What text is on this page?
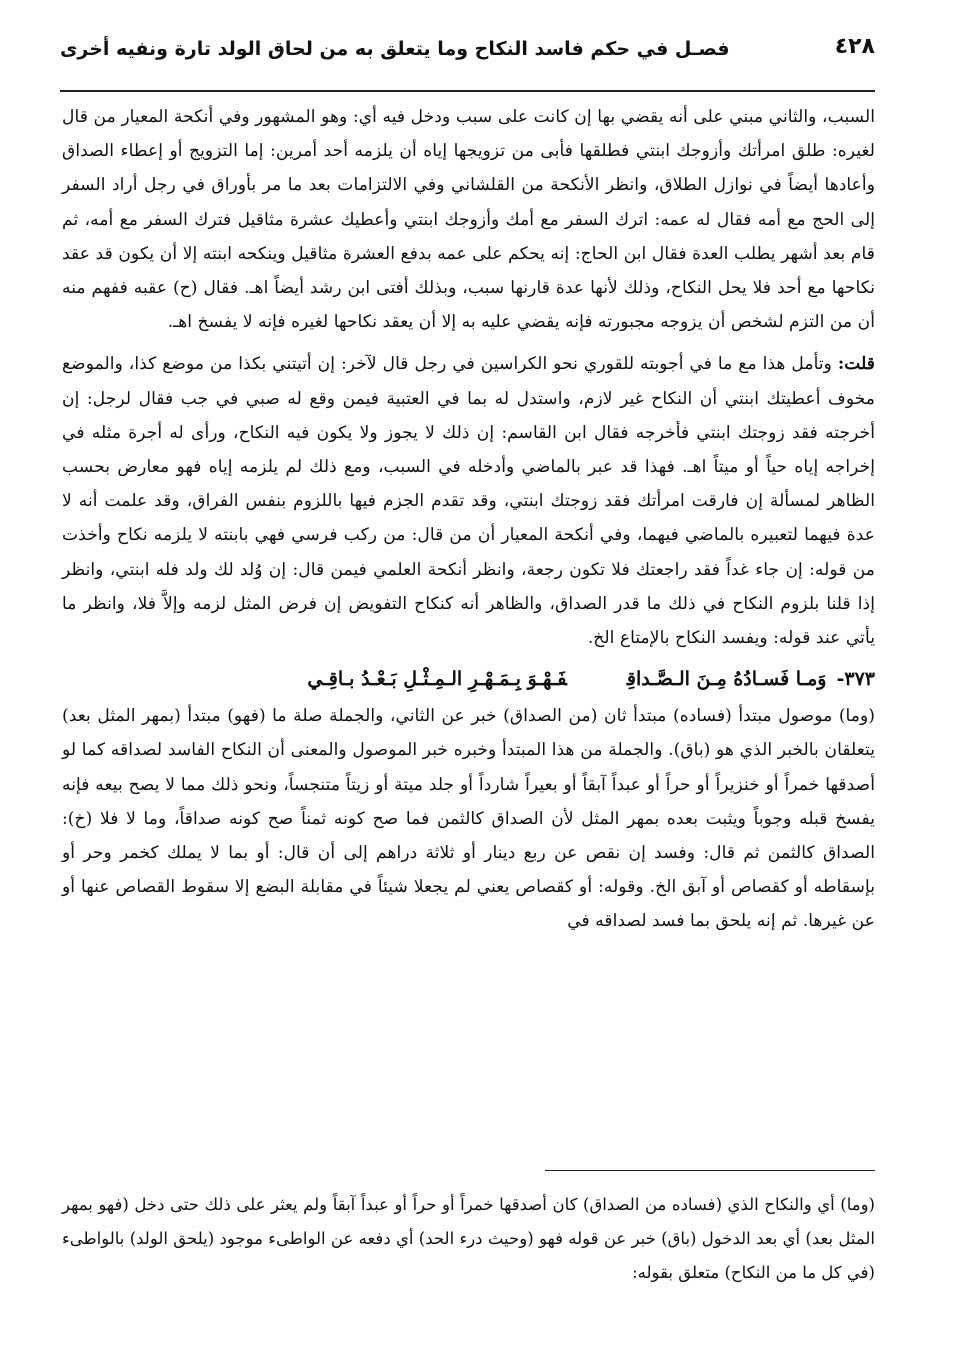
٤٢٨
فصـل في حكم فاسد النكاح وما يتعلق به من لحاق الولد تارة ونفيه أخرى

السبب، والثاني مبني على أنه يقضي بها إن كانت على سبب ودخل فيه أي: وهو المشهور وفي أنكحة المعيار من قال لغيره: طلق امرأتك وأزوجك ابنتي فطلقها فأبى من تزويجها إياه أن يلزمه أحد أمرين: إما التزويج أو إعطاء الصداق وأعادها أيضاً في نوازل الطلاق، وانظر الأنكحة من القلشاني وفي الالتزامات بعد ما مر بأوراق في رجل أراد السفر إلى الحج مع أمه فقال له عمه: اترك السفر مع أمك وأزوجك ابنتي وأعطيك عشرة مثاقيل فترك السفر مع أمه، ثم قام بعد أشهر يطلب العدة فقال ابن الحاج: إنه يحكم على عمه بدفع العشرة مثاقيل وينكحه ابنته إلا أن يكون قد عقد نكاحها مع أحد فلا يحل النكاح، وذلك لأنها عدة قارنها سبب، وبذلك أفتى ابن رشد أيضاً اهـ. فقال (ح) عقبه ففهم منه أن من التزم لشخص أن يزوجه مجبورته فإنه يقضي عليه به إلا أن يعقد نكاحها لغيره فإنه لا يفسخ اهـ.

قلت: وتأمل هذا مع ما في أجوبته للقوري نحو الكراسين في رجل قال لآخر: إن أتيتني بكذا من موضع كذا، والموضع مخوف أعطيتك ابنتي أن النكاح غير لازم، واستدل له بما في العتبية فيمن وقع له صبي في جب فقال لرجل: إن أخرجته فقد زوجتك ابنتي فأخرجه فقال ابن القاسم: إن ذلك لا يجوز ولا يكون فيه النكاح، ورأى له أجرة مثله في إخراجه إياه حياً أو ميتاً اهـ. فهذا قد عبر بالماضي وأدخله في السبب، ومع ذلك لم يلزمه إياه فهو معارض بحسب الظاهر لمسألة إن فارقت امرأتك فقد زوجتك ابنتي، وقد تقدم الجزم فيها باللزوم بنفس الفراق، وقد علمت أنه لا عدة فيهما لتعبيره بالماضي فيهما، وفي أنكحة المعيار أن من قال: من ركب فرسي فهي بابنته لا يلزمه نكاح وأخذت من قوله: إن جاء غداً فقد راجعتك فلا تكون رجعة، وانظر أنكحة العلمي فيمن قال: إن وُلد لك ولد فله ابنتي، وانظر إذا قلنا بلزوم النكاح في ذلك ما قدر الصداق، والظاهر أنه كنكاح التفويض إن فرض المثل لزمه وإلاَّ فلا، وانظر ما يأتي عند قوله: ويفسد النكاح بالإمتاع الخ.

٣٧٣-وَمـا فَسـادُهُ مِـنَ الـصَّـداقِفَـهْـوَ بِـمَـهْـرِ الـمِـثْـلِ بَـعْـدُ بـاقِـي

(وما) موصول مبتدأ (فساده) مبتدأ ثان (من الصداق) خبر عن الثاني، والجملة صلة ما (فهو) مبتدأ (بمهر المثل بعد) يتعلقان بالخبر الذي هو (باق). والجملة من هذا المبتدأ وخبره خبر الموصول والمعنى أن النكاح الفاسد لصداقه كما لو أصدقها خمراً أو خنزيراً أو حراً أو عبداً آبقاً أو بعيراً شارداً أو جلد ميتة أو زيتاً متنجساً، ونحو ذلك مما لا يصح بيعه فإنه يفسخ قبله وجوباً ويثبت بعده بمهر المثل لأن الصداق كالثمن فما صح كونه ثمناً صح كونه صداقاً، وما لا فلا (خ): الصداق كالثمن ثم قال: وفسد إن نقص عن ربع دينار أو ثلاثة دراهم إلى أن قال: أو بما لا يملك كخمر وحر أو بإسقاطه أو كقصاص أو آبق الخ. وقوله: أو كقصاص يعني لم يجعلا شيئاً في مقابلة البضع إلا سقوط القصاص عنها أو عن غيرها. ثم إنه يلحق بما فسد لصداقه في

(وما) أي والنكاح الذي (فساده من الصداق) كان أصدقها خمراً أو حراً أو عبداً آبقاً ولم يعثر على ذلك حتى دخل (فهو بمهر المثل بعد) أي بعد الدخول (باق) خبر عن قوله فهو (وحيث درء الحد) أي دفعه عن الواطىء موجود (يلحق الولد) بالواطىء (في كل ما من النكاح) متعلق بقوله:
